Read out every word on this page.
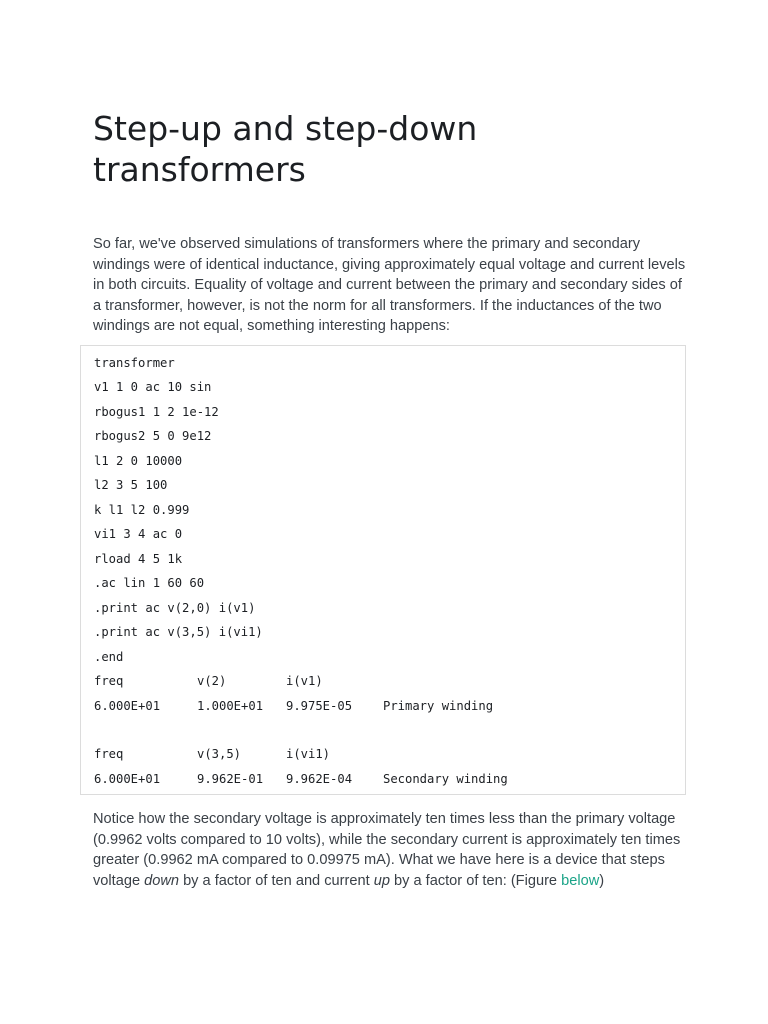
Step-up and step-down transformers

So far, we've observed simulations of transformers where the primary and secondary windings were of identical inductance, giving approximately equal voltage and current levels in both circuits. Equality of voltage and current between the primary and secondary sides of a transformer, however, is not the norm for all transformers. If the inductances of the two windings are not equal, something interesting happens:

transformer
v1 1 0 ac 10 sin
rbogus1 1 2 1e-12
rbogus2 5 0 9e12
l1 2 0 10000
l2 3 5 100
k l1 l2 0.999
vi1 3 4 ac 0
rload 4 5 1k
.ac lin 1 60 60
.print ac v(2,0) i(v1)
.print ac v(3,5) i(vi1)
.end
freq	v(2)	i(v1)
6.000E+01	1.000E+01 9.975E-05	Primary winding
freq	v(3,5)	i(vi1)
6.000E+01	9.962E-01 9.962E-04	Secondary winding

Notice how the secondary voltage is approximately ten times less than the primary voltage (0.9962 volts compared to 10 volts), while the secondary current is approximately ten times greater (0.9962 mA compared to 0.09975 mA). What we have here is a device that steps voltage down by a factor of ten and current up by a factor of ten: (Figure below)
